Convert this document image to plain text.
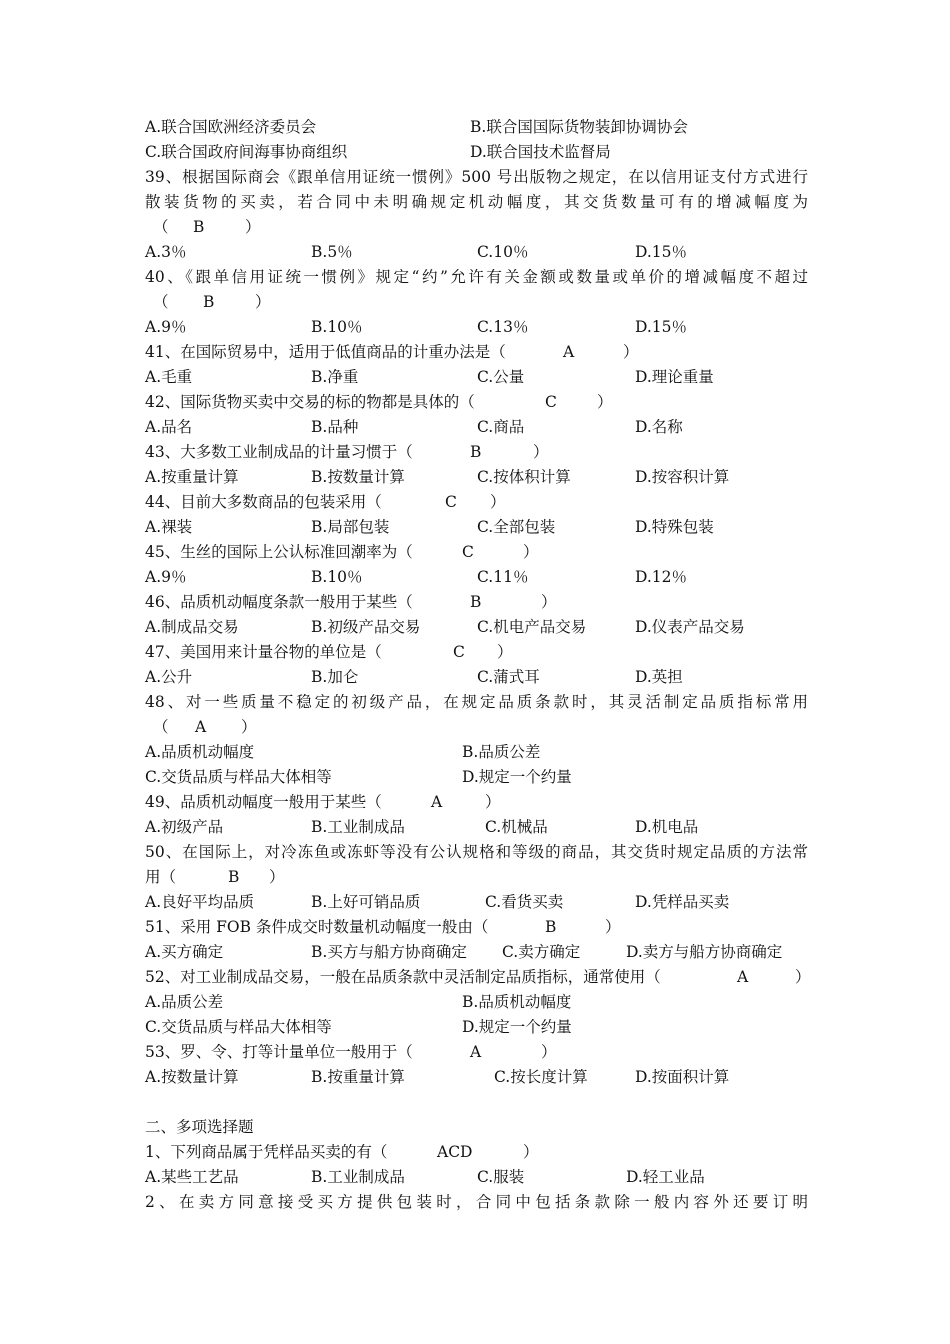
A.联合国欧洲经济委员会	B.联合国国际货物装卸协调协会
C.联合国政府间海事协商组织	D.联合国技术监督局
39、根据国际商会《跟单信用证统一惯例》500 号出版物之规定，在以信用证支付方式进行
散装货物的买卖，若合同中未明确规定机动幅度，其交货数量可有的增减幅度为
（ B	）
A.3％	B.5％	C.10％	D.15％
40、《跟单信用证统一惯例》规定“约”允许有关金额或数量或单价的增减幅度不超过
（ B	）
A.9％	B.10％	C.13％	D.15％
41、在国际贸易中，适用于低值商品的计重办法是（	A	）
A.毛重	B.净重	C.公量	D.理论重量
42、国际货物买卖中交易的标的物都是具体的（	C	）
A.品名	B.品种	C.商品	D.名称
43、大多数工业制成品的计量习惯于（	B	）
A.按重量计算	B.按数量计算	C.按体积计算	D.按容积计算
44、目前大多数商品的包装采用（	C ）
A.裸装	B.局部包装	C.全部包装	D.特殊包装
45、生丝的国际上公认标准回潮率为（	C	）
A.9％	B.10％	C.11％	D.12％
46、品质机动幅度条款一般用于某些（	B	）
A.制成品交易	B.初级产品交易	C.机电产品交易	D.仪表产品交易
47、美国用来计量谷物的单位是（	C ）
A.公升	B.加仑	C.蒲式耳	D.英担
48、对一些质量不稳定的初级产品，在规定品质条款时，其灵活制定品质指标常用
（ A ）
A.品质机动幅度	B.品质公差
C.交货品质与样品大体相等	D.规定一个约量
49、品质机动幅度一般用于某些（	A	）
A.初级产品	B.工业制成品	C.机械品	D.机电品
50、在国际上，对冷冻鱼或冻虾等没有公认规格和等级的商品，其交货时规定品质的方法常
用（	B ）
A.良好平均品质	B.上好可销品质	C.看货买卖	D.凭样品买卖
51、采用 FOB 条件成交时数量机动幅度一般由（	B	）
A.买方确定	B.买方与船方协商确定 C.卖方确定	D.卖方与船方协商确定
52、对工业制成品交易，一般在品质条款中灵活制定品质指标，通常使用（	A	）
A.品质公差	B.品质机动幅度
C.交货品质与样品大体相等	D.规定一个约量
53、罗、令、打等计量单位一般用于（	A	）
A.按数量计算	B.按重量计算	C.按长度计算	D.按面积计算
二、多项选择题
1、下列商品属于凭样品买卖的有（	ACD	）
A.某些工艺品	B.工业制成品	C.服装	D.轻工业品
2、在卖方同意接受买方提供包装时，合同中包括条款除一般内容外还要订明
